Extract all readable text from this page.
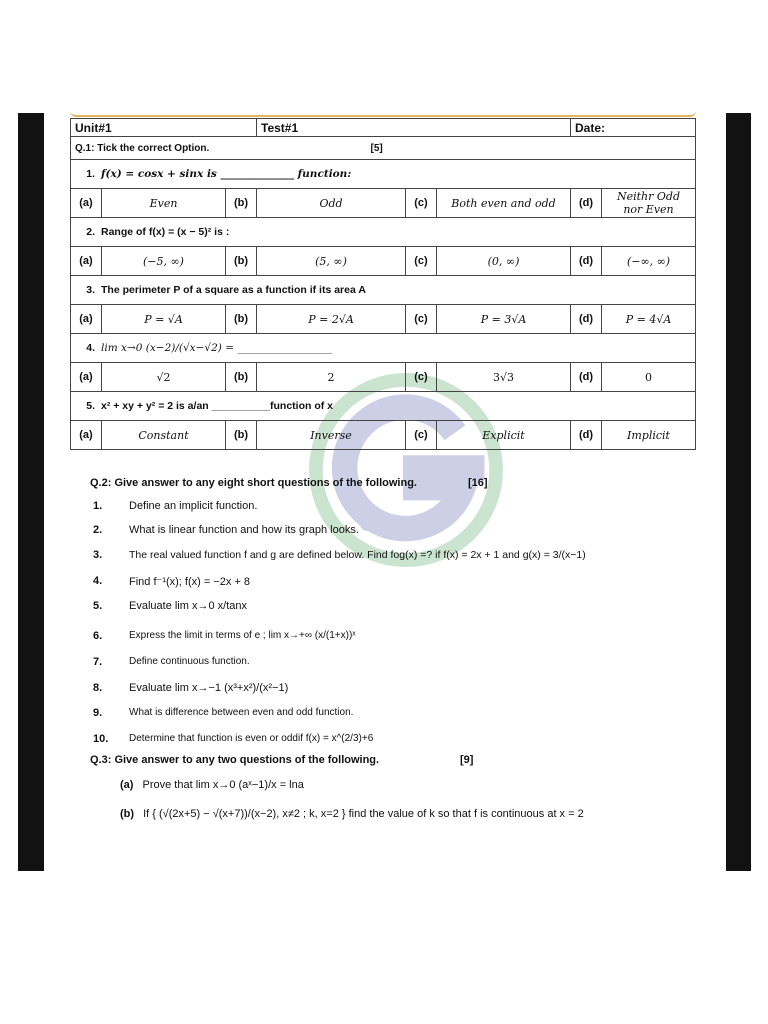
Unit#1			Test#1			Date:	
Q.1: Tick the correct Option. [5]							

1. f(x) = cosx + sinx is ______________ function:							
(a)	Even	(b)	Odd	(c)	Both even and odd	(d)	Neithr Odd nor Even
2. Range of f(x) = (x − 5)² is :							
(a)	(−5, ∞)	(b)	(5, ∞)	(c)	(0, ∞)	(d)	(−∞, ∞)
3. The perimeter P of a square as a function if its area A							
(a)	P = √A	(b)	P = 2√A	(c)	P = 3√A	(d)	P = 4√A
4. lim x→0 (x−2)/(√x−√2) = __________________							
(a)	√2	(b)	2	(c)	3√3	(d)	0
5. x² + xy + y² = 2 is a/an __________function of x							
(a)	Constant	(b)	Inverse	(c)	Explicit	(d)	Implicit
Q.2: Give answer to any eight short questions of the following.	[16]
1. Define an implicit function.
2. What is linear function and how its graph looks.
3.	The real valued function f and g are defined below. Find fog(x) =? if f(x) = 2x + 1 and g(x) = 3/(x−1)
4. Find f⁻¹(x); f(x) = −2x + 8
5. Evaluate lim x→0 x/tanx
6.	Express the limit in terms of e ; lim x→+∞ (x/(1+x))ˣ
7.	Define continuous function.
8. Evaluate lim x→−1 (x³+x²)/(x²−1)
9.	What is difference between even and odd function.
10. Determine that function is even or oddif f(x) = x^(2/3)+6
Q.3: Give answer to any two questions of the following.	[9]
(a) Prove that lim x→0 (aˣ−1)/x = lna
(b) If { (√(2x+5) − √(x+7))/(x−2), x≠2 ; k, x=2 } find the value of k so that f is continuous at x = 2
